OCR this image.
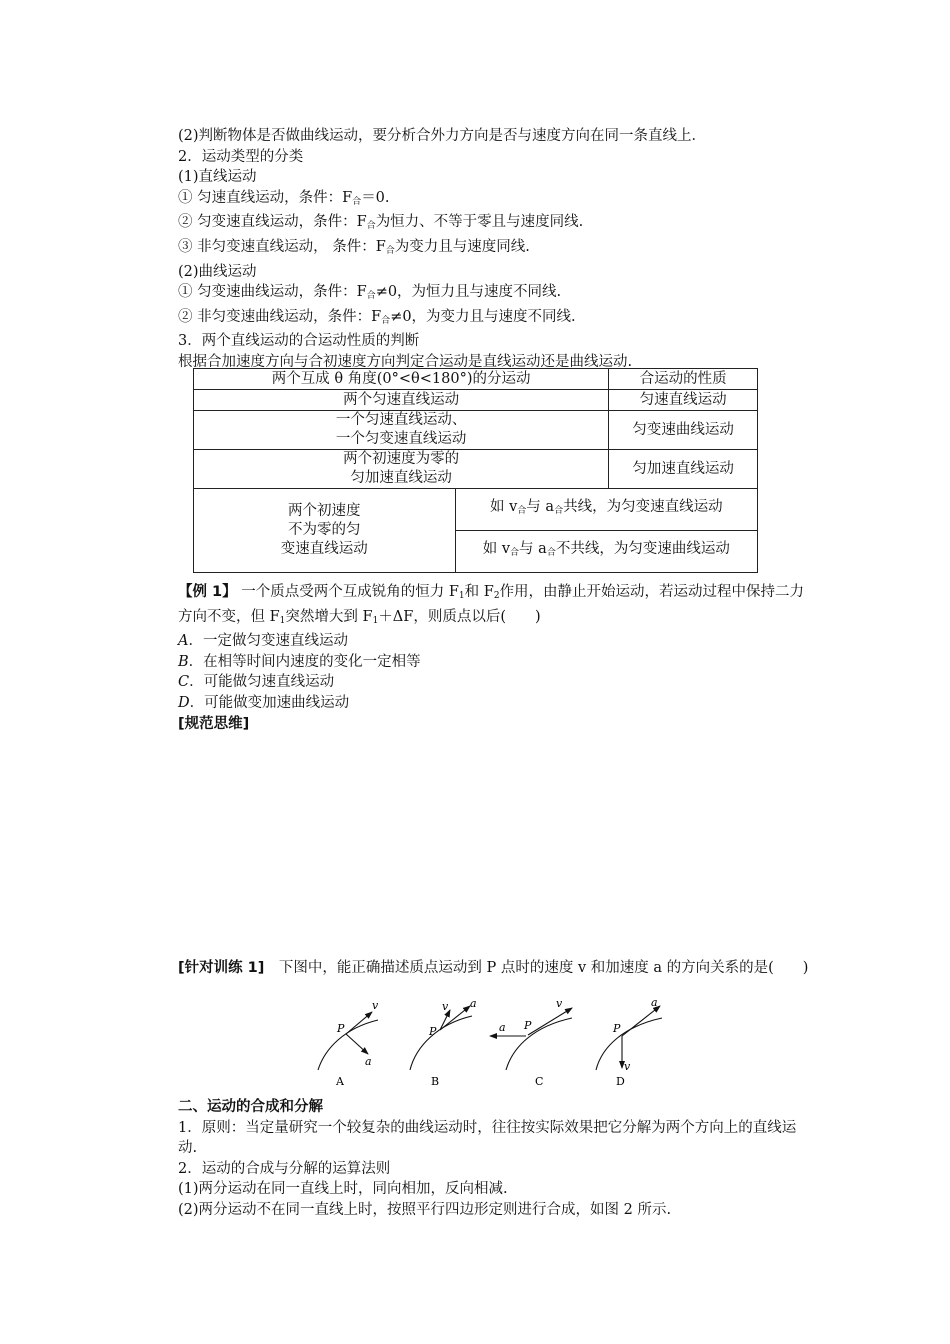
(2)判断物体是否做曲线运动，要分析合外力方向是否与速度方向在同一条直线上．
2．运动类型的分类
(1)直线运动
① 匀速直线运动，条件：$F_合=0$.
② 匀变速直线运动，条件：$F_合$为恒力、不等于零且与速度同线.
③ 非匀变速直线运动， 条件：$F_合$为变力且与速度同线.
(2)曲线运动
① 匀变速曲线运动，条件：$F_合\ne 0$，为恒力且与速度不同线.
② 非匀变速曲线运动，条件：$F_合\ne 0$，为变力且与速度不同线.
3．两个直线运动的合运动性质的判断
根据合加速度方向与合初速度方向判定合运动是直线运动还是曲线运动.
两个互成 θ 角度(0°<θ<180°)的分运动		合运动的性质
两个匀速直线运动		匀速直线运动

一个匀速直线运动、
一个匀变速直线运动		匀变速曲线运动

两个初速度为零的
匀加速直线运动		匀加速直线运动

两个初速度
不为零的匀
变速直线运动	如 $v_合$与 $a_合$共线，为匀变速直线运动	
	如 $v_合$与 $a_合$不共线，为匀变速曲线运动	
【例 1】 一个质点受两个互成锐角的恒力 $F_1$和 $F_2$作用，由静止开始运动，若运动过程中保持二力方向不变，但 $F_1$突然增大到 $F_1+\Delta F$，则质点以后(　　)
A．一定做匀变速直线运动
B．在相等时间内速度的变化一定相等
C．可能做匀速直线运动
D．可能做变加速曲线运动
[规范思维]
[针对训练 1]　下图中，能正确描述质点运动到 P 点时的速度 v 和加速度 a 的方向关系的是(　　)
P
v
a
A
P
v a
B
P
v
a
C
P
a
v
D
二、运动的合成和分解
1．原则：当定量研究一个较复杂的曲线运动时，往往按实际效果把它分解为两个方向上的直线运动.
2．运动的合成与分解的运算法则
(1)两分运动在同一直线上时，同向相加，反向相减.
(2)两分运动不在同一直线上时，按照平行四边形定则进行合成，如图 2 所示.
